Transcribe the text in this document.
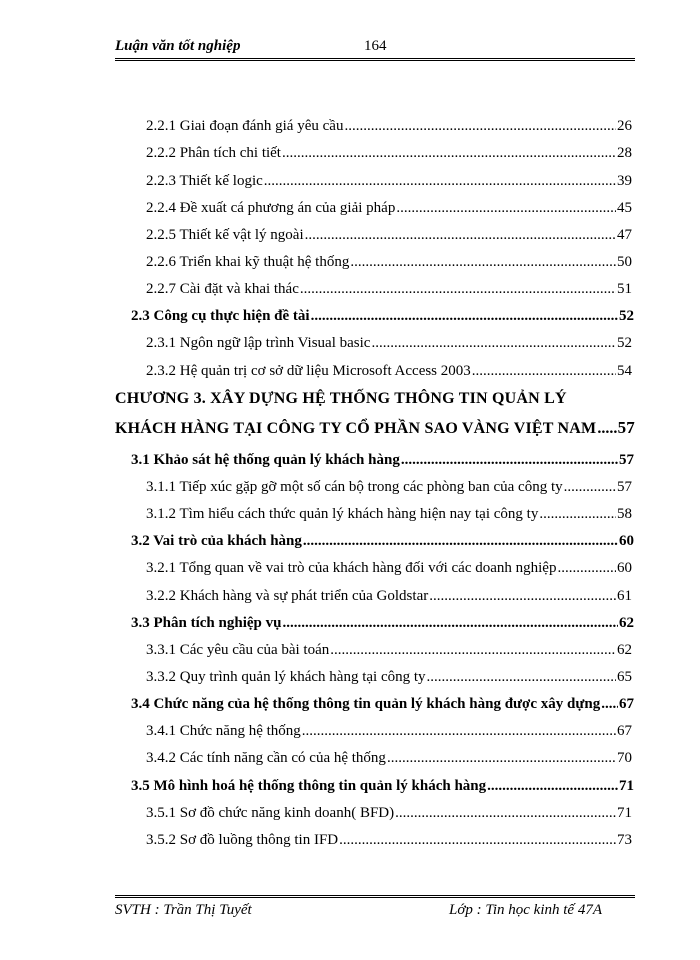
Luận văn tốt nghiệp	164
2.2.1 Giai đoạn đánh giá yêu cầu .....	26
2.2.2 Phân tích chi tiết .....	28
2.2.3 Thiết kế logic .....	39
2.2.4 Đề xuất cá phương án của giải pháp .....	45
2.2.5 Thiết kế vật lý ngoài .....	47
2.2.6 Triển khai kỹ thuật hệ thống .....	50
2.2.7 Cài đặt và khai thác .....	51
2.3 Công cụ thực hiện đề tài .....	52
2.3.1 Ngôn ngữ lập trình Visual basic .....	52
2.3.2 Hệ quản trị cơ sở dữ liệu Microsoft Access 2003 .....	54
CHƯƠNG 3. XÂY DỰNG HỆ THỐNG THÔNG TIN QUẢN LÝ
KHÁCH HÀNG TẠI CÔNG TY CỔ PHẦN SAO VÀNG VIỆT NAM ..... 57
3.1 Khảo sát hệ thống quản lý khách hàng .....	57
3.1.1 Tiếp xúc gặp gỡ một số cán bộ trong các phòng ban của công ty .....	57
3.1.2 Tìm hiểu cách thức quản lý khách hàng hiện nay tại công ty .....	58
3.2 Vai trò của khách hàng .....	60
3.2.1 Tổng quan về vai trò của khách hàng đối với các doanh nghiệp .....	60
3.2.2 Khách hàng và sự phát triển của Goldstar .....	61
3.3 Phân tích nghiệp vụ .....	62
3.3.1 Các yêu cầu của bài toán .....	62
3.3.2 Quy trình quản lý khách hàng tại công ty .....	65
3.4 Chức năng của hệ thống thông tin quản lý khách hàng được xây dựng ..... 67
3.4.1 Chức năng hệ thống .....	67
3.4.2 Các tính năng cần có của hệ thống .....	70
3.5 Mô hình hoá hệ thống thông tin quản lý khách hàng .....	71
3.5.1 Sơ đồ chức năng kinh doanh( BFD) .....	71
3.5.2 Sơ đồ luồng thông tin IFD .....	73
SVTH : Trần Thị Tuyết	Lớp : Tin học kinh tế 47A
